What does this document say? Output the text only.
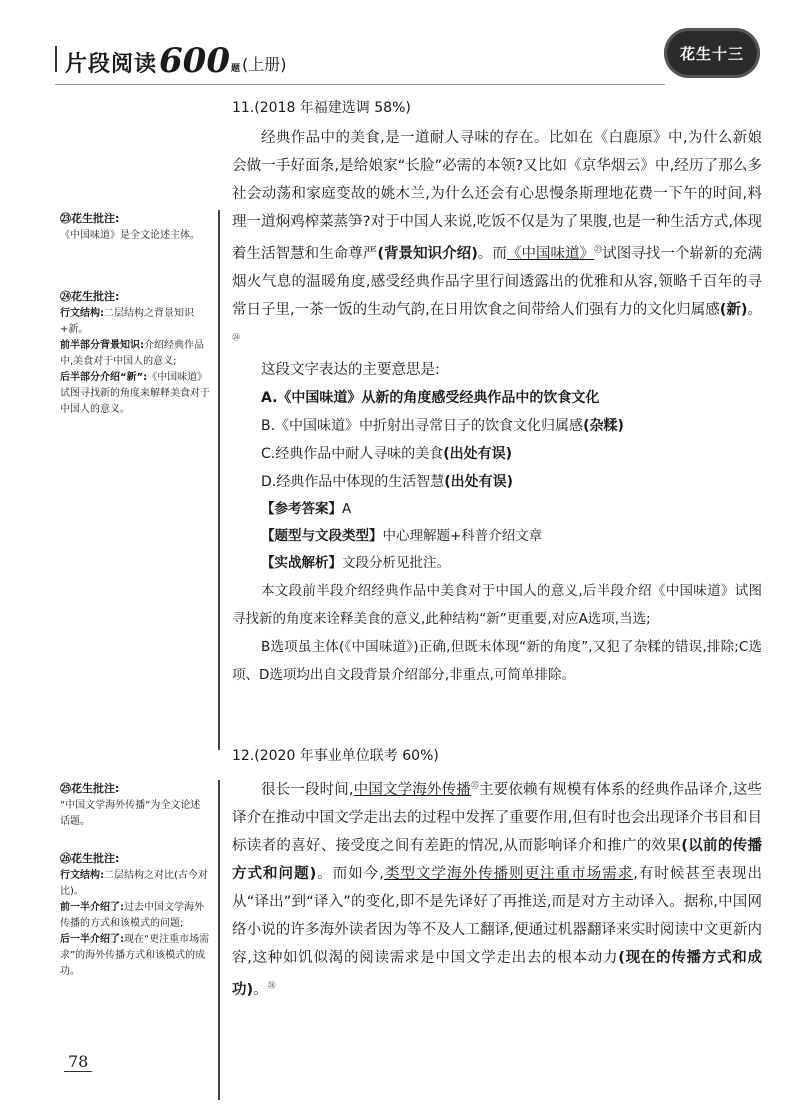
片段阅读 600 题 (上册)
花生十三
㉓花生批注:

《中国味道》是全文论述主体。

㉔花生批注:

行文结构:二层结构之背景知识+新。

前半部分背景知识:介绍经典作品中,美食对于中国人的意义;

后半部分介绍“新”:《中国味道》试图寻找新的角度来解释美食对于中国人的意义。

㉕花生批注:

“中国文学海外传播”为全文论述话题。

㉖花生批注:

行文结构:二层结构之对比(古今对比)。

前一半介绍了:过去中国文学海外传播的方式和该模式的问题;

后一半介绍了:现在“更注重市场需求”的海外传播方式和该模式的成功。

11.(2018 年福建选调 58%)

经典作品中的美食,是一道耐人寻味的存在。比如在《白鹿原》中,为什么新娘会做一手好面条,是给娘家“长脸”必需的本领?又比如《京华烟云》中,经历了那么多社会动荡和家庭变故的姚木兰,为什么还会有心思慢条斯理地花费一下午的时间,料理一道焖鸡榨菜蒸笋?对于中国人来说,吃饭不仅是为了果腹,也是一种生活方式,体现着生活智慧和生命尊严(背景知识介绍)。而《中国味道》$^㉓$试图寻找一个崭新的充满烟火气息的温暖角度,感受经典作品字里行间透露出的优雅和从容,领略千百年的寻常日子里,一茶一饭的生动气韵,在日用饮食之间带给人们强有力的文化归属感(新)。$^㉔$

这段文字表达的主要意思是:

A.《中国味道》从新的角度感受经典作品中的饮食文化

B.《中国味道》中折射出寻常日子的饮食文化归属感(杂糅)

C.经典作品中耐人寻味的美食(出处有误)

D.经典作品中体现的生活智慧(出处有误)

【参考答案】A

【题型与文段类型】中心理解题+科普介绍文章

【实战解析】文段分析见批注。

本文段前半段介绍经典作品中美食对于中国人的意义,后半段介绍《中国味道》试图寻找新的角度来诠释美食的意义,此种结构“新”更重要,对应A选项,当选;

B选项虽主体(《中国味道》)正确,但既未体现“新的角度”,又犯了杂糅的错误,排除;C选项、D选项均出自文段背景介绍部分,非重点,可简单排除。

12.(2020 年事业单位联考 60%)

很长一段时间,中国文学海外传播$^㉕$主要依赖有规模有体系的经典作品译介,这些译介在推动中国文学走出去的过程中发挥了重要作用,但有时也会出现译介书目和目标读者的喜好、接受度之间有差距的情况,从而影响译介和推广的效果(以前的传播方式和问题)。而如今,类型文学海外传播则更注重市场需求,有时候甚至表现出从“译出”到“译入”的变化,即不是先译好了再推送,而是对方主动译入。据称,中国网络小说的许多海外读者因为等不及人工翻译,便通过机器翻译来实时阅读中文更新内容,这种如饥似渴的阅读需求是中国文学走出去的根本动力(现在的传播方式和成功)。$^㉖$

78
